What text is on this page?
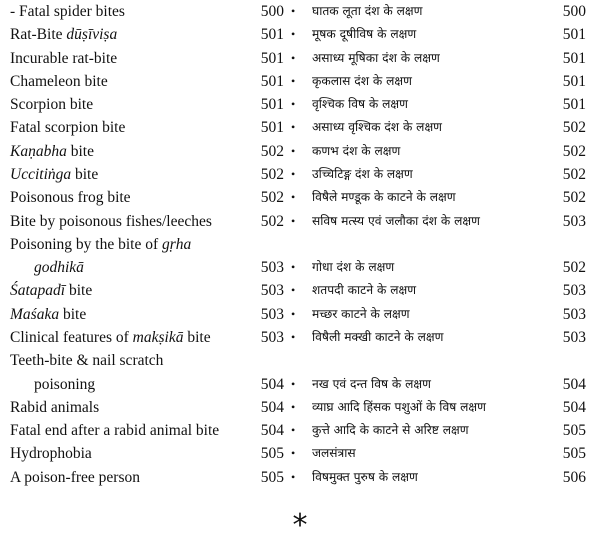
- Fatal spider bites	500 • घातक लूता दंश के लक्षण	500
Rat-Bite dūṣīviṣa	501 • मूषक दूषीविष के लक्षण	501
Incurable rat-bite	501 • असाध्य मूषिका दंश के लक्षण	501
Chameleon bite	501 • कृकलास दंश के लक्षण	501
Scorpion bite	501 • वृश्चिक विष के लक्षण	501
Fatal scorpion bite	501 • असाध्य वृश्चिक दंश के लक्षण	502
Kaṇabha bite	502 • कणभ दंश के लक्षण	502
Uccitiṅga bite	502 • उच्चिटिङ्ग दंश के लक्षण	502
Poisonous frog bite	502 • विषैले मण्डूक के काटने के लक्षण	502
Bite by poisonous fishes/leeches	502 • सविष मत्स्य एवं जलौका दंश के लक्षण	503
Poisoning by the bite of gṛha
godhikā	503 • गोधा दंश के लक्षण	502
Śatapadī bite	503 • शतपदी काटने के लक्षण	503
Maśaka bite	503 • मच्छर काटने के लक्षण	503
Clinical features of makṣikā bite	503 • विषैली मक्खी काटने के लक्षण	503
Teeth-bite & nail scratch
poisoning	504 • नख एवं दन्त विष के लक्षण	504
Rabid animals	504 • व्याघ्र आदि हिंसक पशुओं के विष लक्षण	504
Fatal end after a rabid animal bite	504 • कुत्ते आदि के काटने से अरिष्ट लक्षण	505
Hydrophobia	505 • जलसंत्रास	505
A poison-free person	505 • विषमुक्त पुरुष के लक्षण	506
*
